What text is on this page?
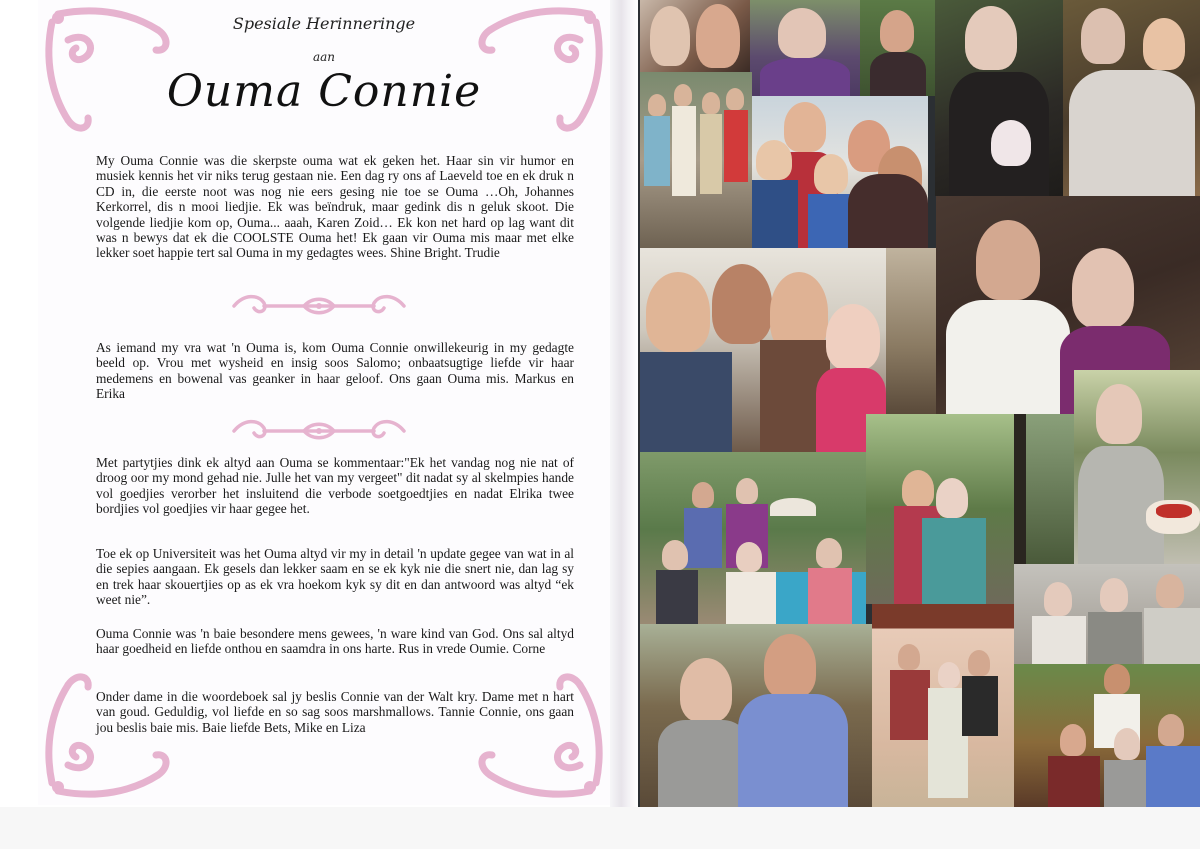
Spesiale Herinneringe
aan
Ouma Connie
My Ouma Connie was die skerpste ouma wat ek geken het. Haar sin vir humor en musiek kennis het vir niks terug gestaan nie. Een dag ry ons af Laeveld toe en ek druk n CD in, die eerste noot was nog nie eers gesing nie toe se Ouma …Oh, Johannes Kerkorrel, dis n mooi liedjie. Ek was beïndruk, maar gedink dis n geluk skoot. Die volgende liedjie kom op, Ouma... aaah, Karen Zoid… Ek kon net hard op lag want dit was n bewys dat ek die COOLSTE Ouma het! Ek gaan vir Ouma mis maar met elke lekker soet happie tert sal Ouma in my gedagtes wees. Shine Bright. Trudie
As iemand my vra wat 'n Ouma is, kom Ouma Connie onwillekeurig in my gedagte beeld op. Vrou met wysheid en insig soos Salomo; onbaatsugtige liefde vir haar medemens en bowenal vas geanker in haar geloof. Ons gaan Ouma mis. Markus en Erika
Met partytjies dink ek altyd aan Ouma se kommentaar:"Ek het vandag nog nie nat of droog oor my mond gehad nie. Julle het van my vergeet" dit nadat sy al skelmpies hande vol goedjies verorber het insluitend die verbode soetgoedtjies en nadat Elrika twee bordjies vol goedjies vir haar gegee het.
Toe ek op Universiteit was het Ouma altyd vir my in detail 'n update gegee van wat in al die sepies aangaan. Ek gesels dan lekker saam en se ek kyk nie die snert nie, dan lag sy en trek haar skouertjies op as ek vra hoekom kyk sy dit en dan antwoord was altyd “ek weet nie”.
Ouma Connie was 'n baie besondere mens gewees, 'n ware kind van God. Ons sal altyd haar goedheid en liefde onthou en saamdra in ons harte. Rus in vrede Oumie. Corne
Onder dame in die woordeboek sal jy beslis Connie van der Walt kry. Dame met n hart van goud. Geduldig, vol liefde en so sag soos marshmallows. Tannie Connie, ons gaan jou beslis baie mis. Baie liefde Bets, Mike en Liza
